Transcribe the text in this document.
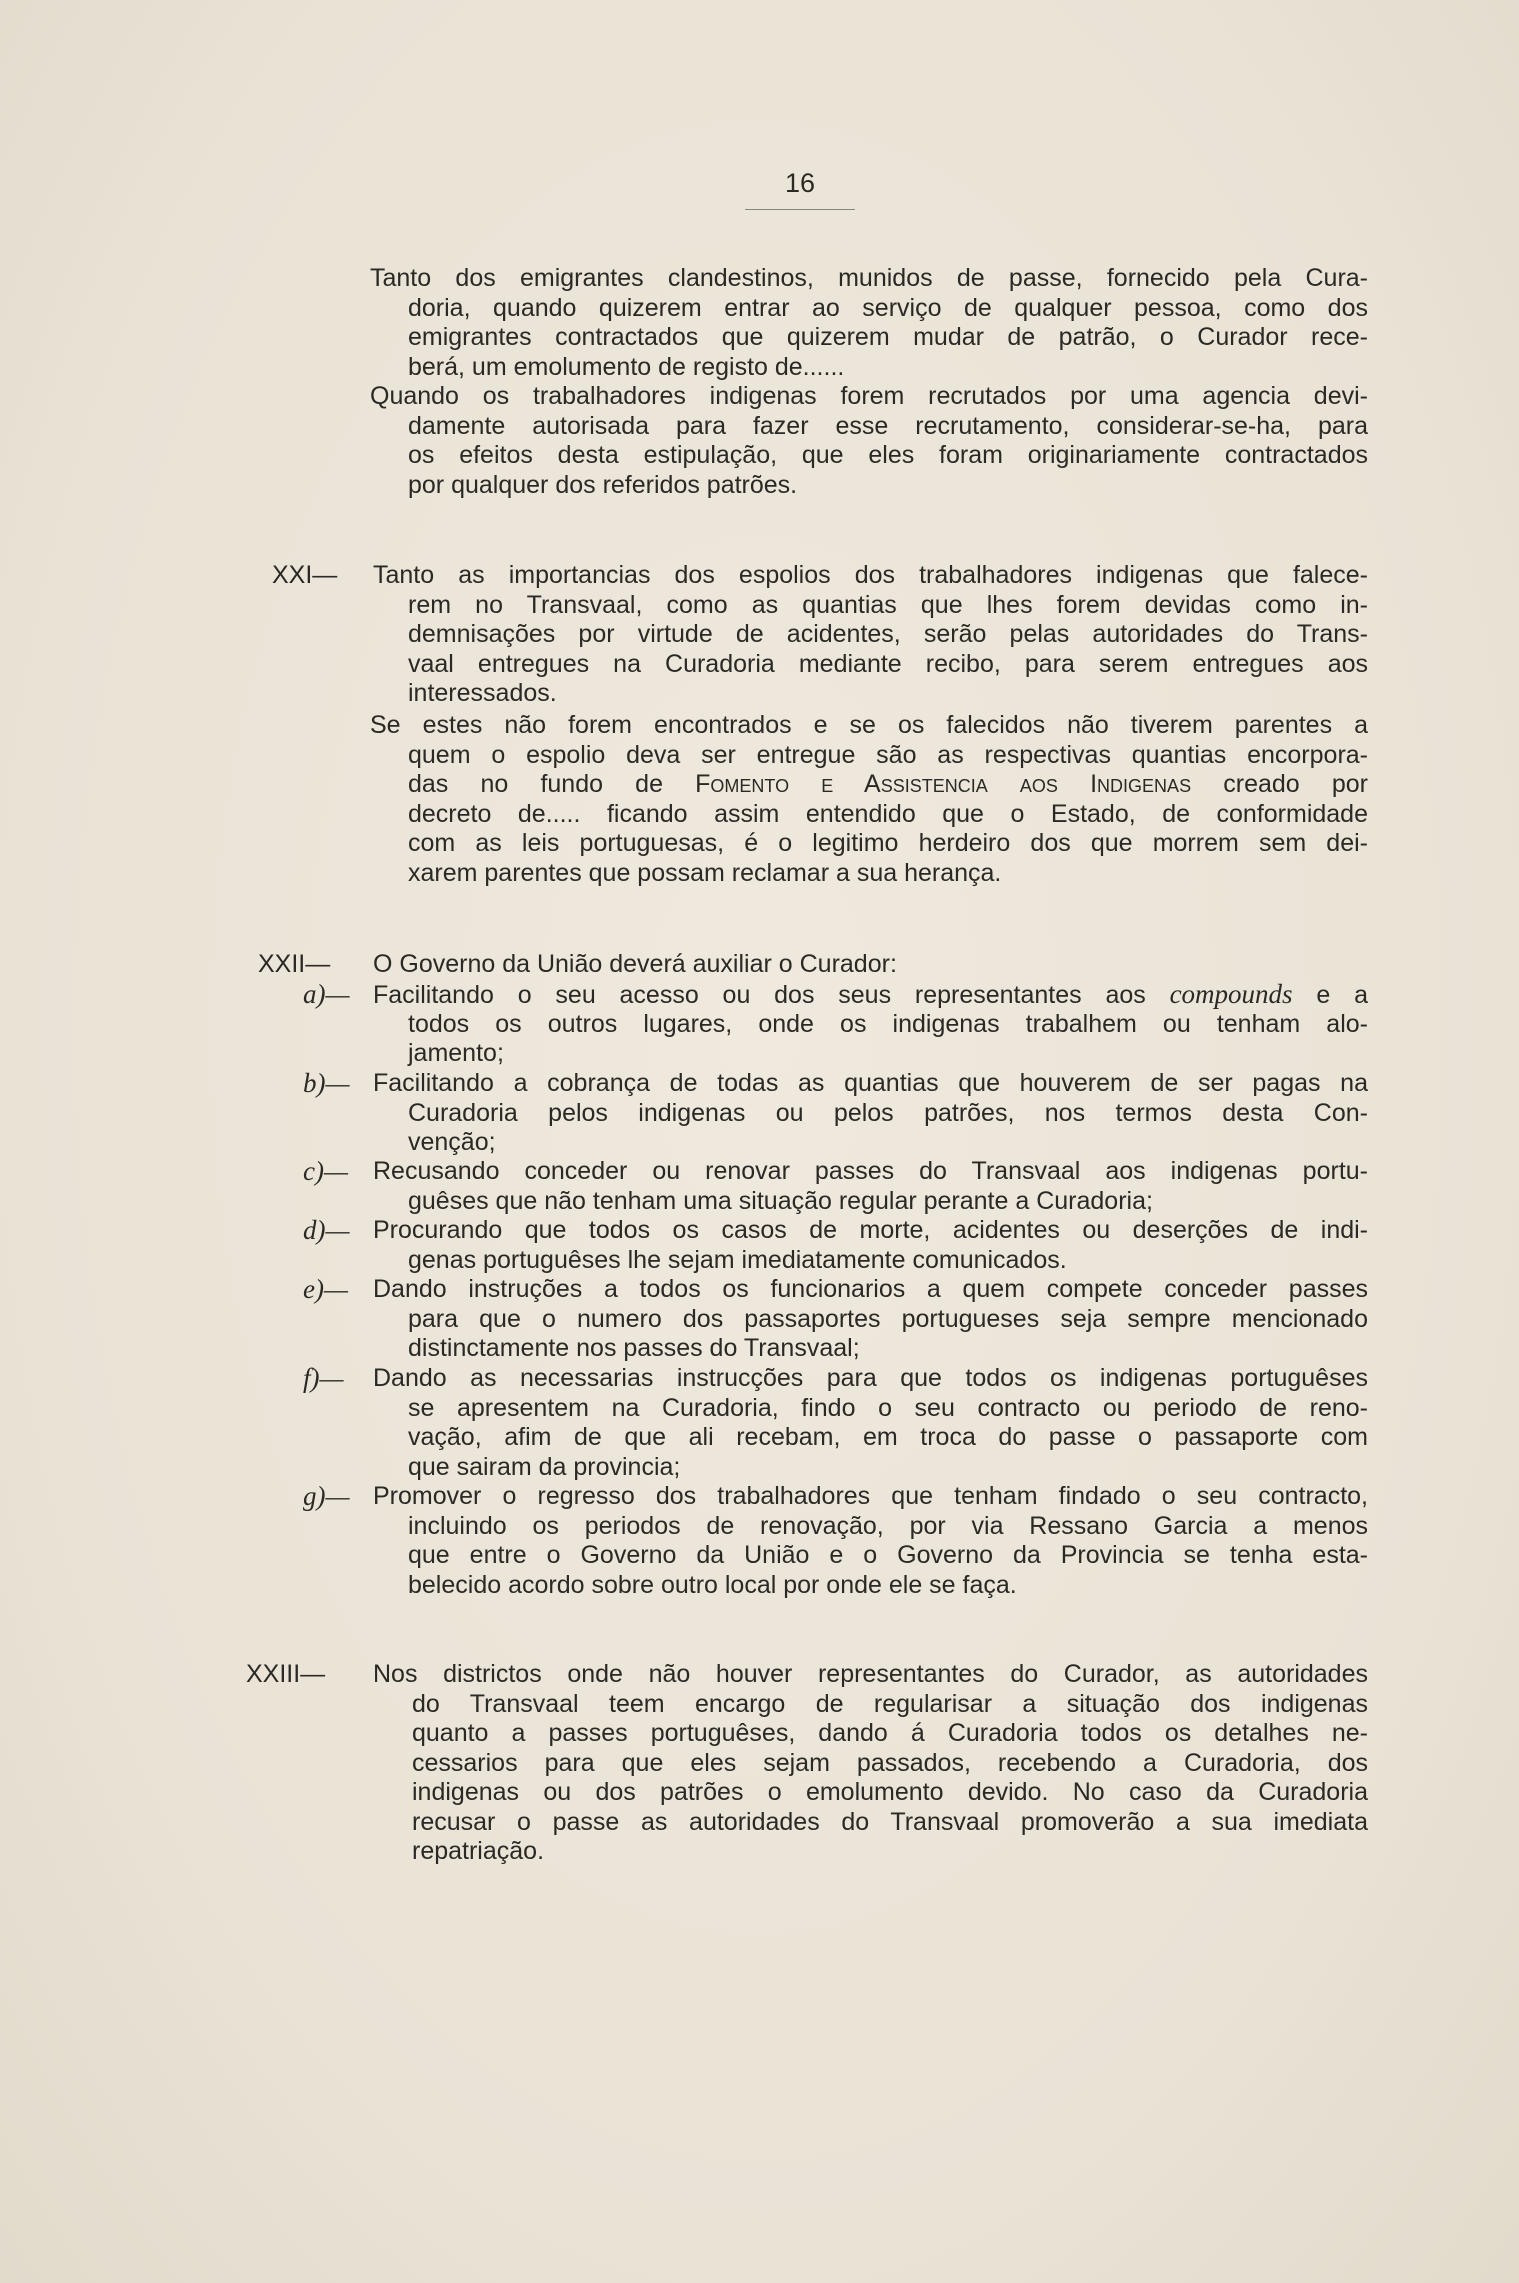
16
Tanto dos emigrantes clandestinos, munidos de passe, fornecido pela Cura-
doria, quando quizerem entrar ao serviço de qualquer pessoa, como dos
emigrantes contractados que quizerem mudar de patrão, o Curador rece-
berá, um emolumento de registo de......
Quando os trabalhadores indigenas forem recrutados por uma agencia devi-
damente autorisada para fazer esse recrutamento, considerar-se-ha, para
os efeitos desta estipulação, que eles foram originariamente contractados
por qualquer dos referidos patrões.
XXI— Tanto as importancias dos espolios dos trabalhadores indigenas que falece-
rem no Transvaal, como as quantias que lhes forem devidas como in-
demnisações por virtude de acidentes, serão pelas autoridades do Trans-
vaal entregues na Curadoria mediante recibo, para serem entregues aos
interessados.
Se estes não forem encontrados e se os falecidos não tiverem parentes a
quem o espolio deva ser entregue são as respectivas quantias encorpora-
das no fundo de Fomento e Assistencia aos Indigenas creado por
decreto de..... ficando assim entendido que o Estado, de conformidade
com as leis portuguesas, é o legitimo herdeiro dos que morrem sem dei-
xarem parentes que possam reclamar a sua herança.
XXII— O Governo da União deverá auxiliar o Curador:
a)— Facilitando o seu acesso ou dos seus representantes aos compounds e a
todos os outros lugares, onde os indigenas trabalhem ou tenham alo-
jamento;
b)— Facilitando a cobrança de todas as quantias que houverem de ser pagas na
Curadoria pelos indigenas ou pelos patrões, nos termos desta Con-
venção;
c)— Recusando conceder ou renovar passes do Transvaal aos indigenas portu-
guêses que não tenham uma situação regular perante a Curadoria;
d)— Procurando que todos os casos de morte, acidentes ou deserções de indi-
genas portuguêses lhe sejam imediatamente comunicados.
e)— Dando instruções a todos os funcionarios a quem compete conceder passes
para que o numero dos passaportes portugueses seja sempre mencionado
distinctamente nos passes do Transvaal;
f)— Dando as necessarias instrucções para que todos os indigenas portuguêses
se apresentem na Curadoria, findo o seu contracto ou periodo de reno-
vação, afim de que ali recebam, em troca do passe o passaporte com
que sairam da provincia;
g)— Promover o regresso dos trabalhadores que tenham findado o seu contracto,
incluindo os periodos de renovação, por via Ressano Garcia a menos
que entre o Governo da União e o Governo da Provincia se tenha esta-
belecido acordo sobre outro local por onde ele se faça.
XXIII— Nos districtos onde não houver representantes do Curador, as autoridades
do Transvaal teem encargo de regularisar a situação dos indigenas
quanto a passes portuguêses, dando á Curadoria todos os detalhes ne-
cessarios para que eles sejam passados, recebendo a Curadoria, dos
indigenas ou dos patrões o emolumento devido. No caso da Curadoria
recusar o passe as autoridades do Transvaal promoverão a sua imediata
repatriação.
